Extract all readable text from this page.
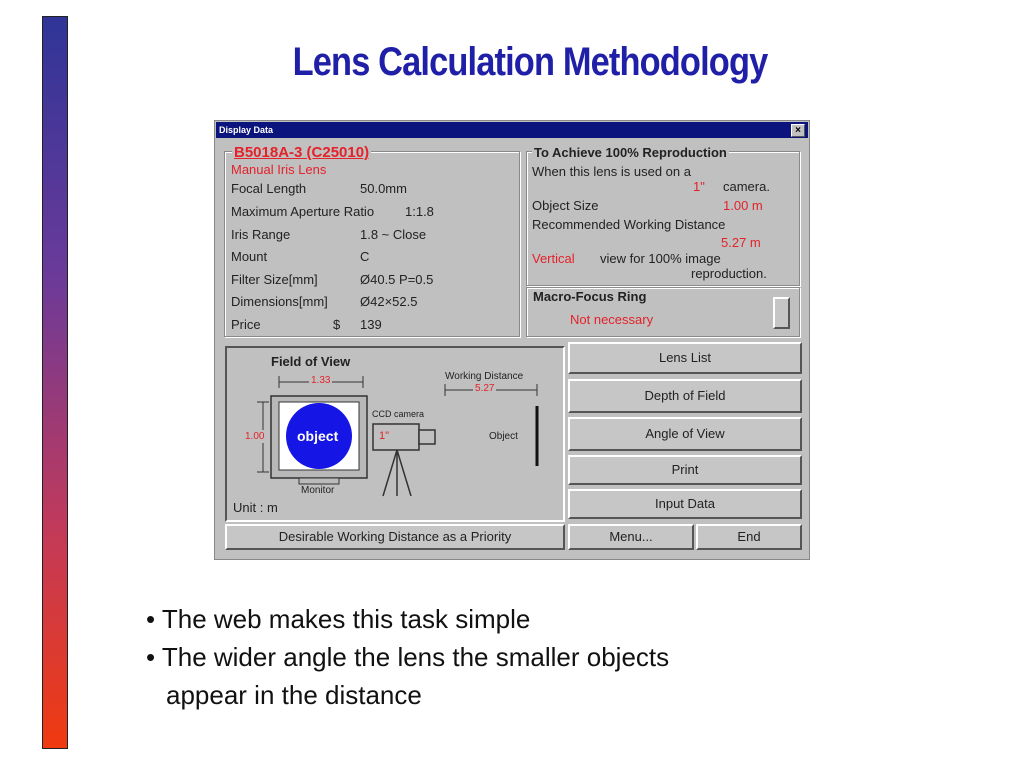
Lens Calculation Methodology
Display Data	×
B5018A-3 (C25010)
Manual Iris Lens
Focal Length	50.0mm
Maximum Aperture Ratio 1:1.8
Iris Range	1.8 ~ Close
Mount	C
Filter Size[mm]	Ø40.5 P=0.5
Dimensions[mm] Ø42×52.5
Price	$ 139
To Achieve 100% Reproduction
When this lens is used on a
1" camera.
Object Size	1.00 m
Recommended Working Distance
5.27 m
Vertical view for 100% image
reproduction.
Macro-Focus Ring
Not necessary
Field of View
1.33
1.00 object
Monitor
CCD camera
1"
Working Distance
5.27
Object
Unit : m
Lens List
Depth of Field
Angle of View
Print
Input Data
Desirable Working Distance as a Priority	Menu...	End
• The web makes this task simple
• The wider angle the lens the smaller objects
appear in the distance
